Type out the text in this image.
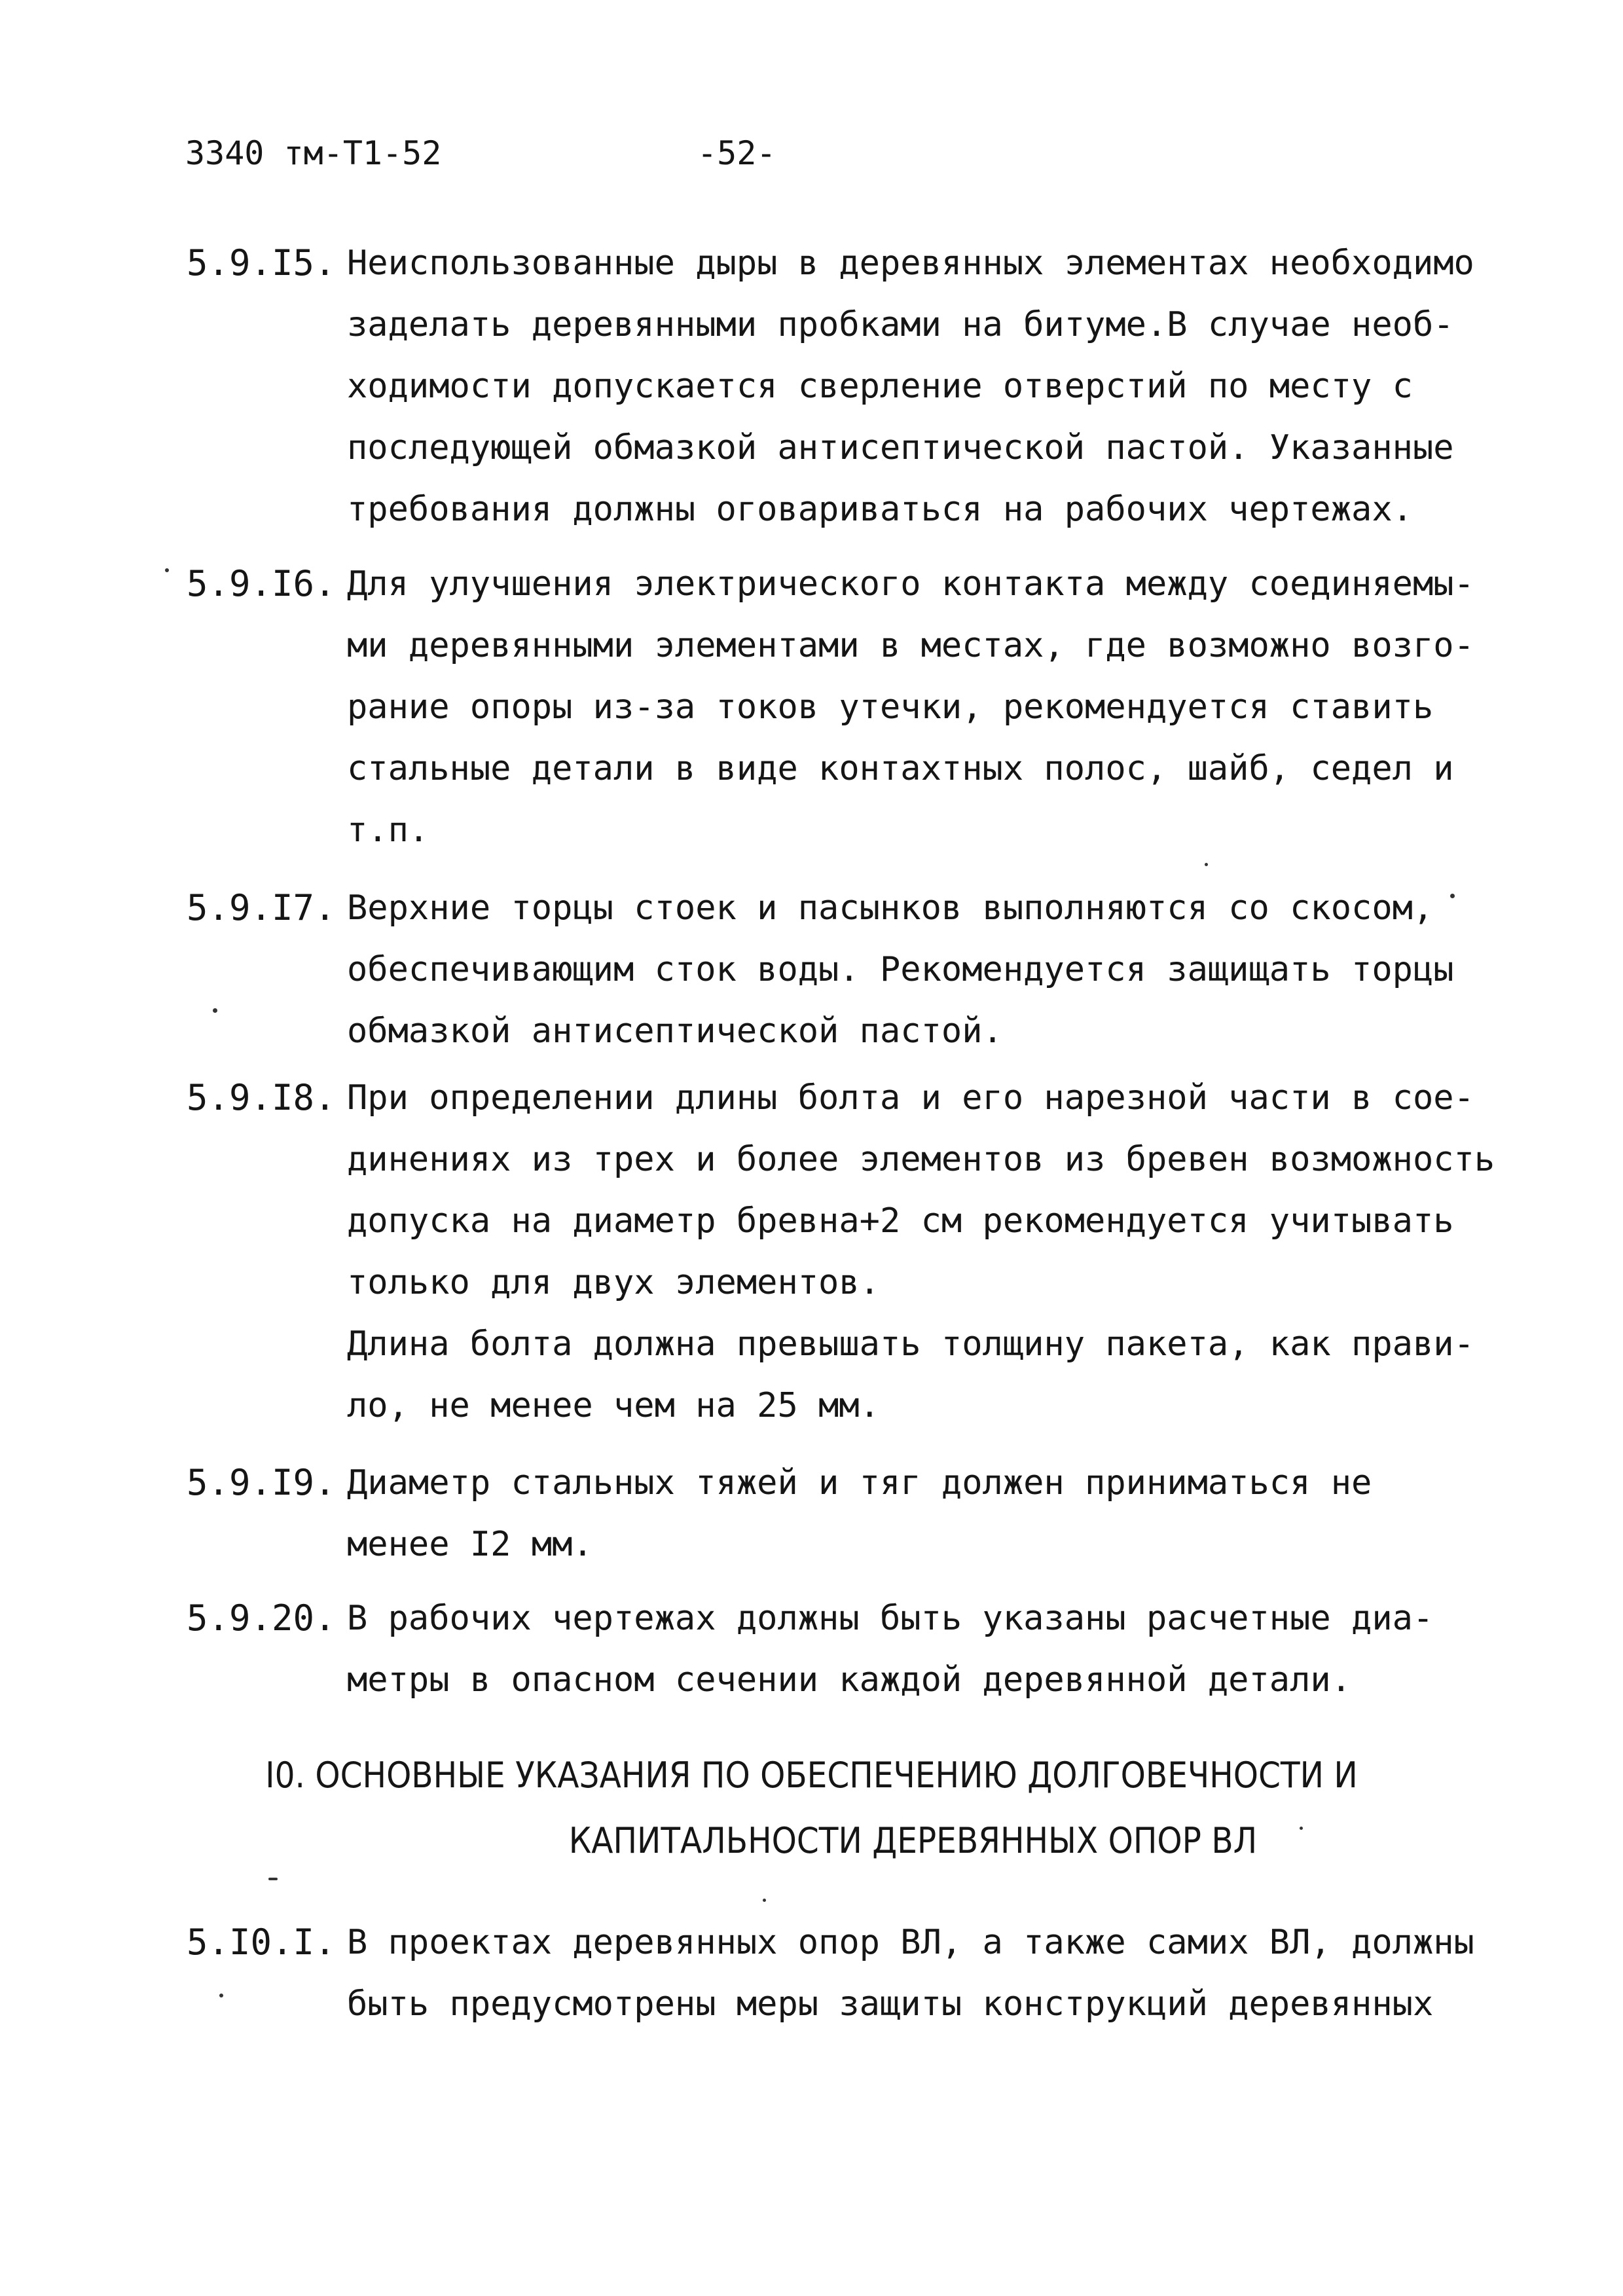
3340 тм-Т1-52	-52-
5.9.I5. Неиспользованные дыры в деревянных элементах необходимо
заделать деревянными пробками на битуме.В случае необ-
ходимости допускается сверление отверстий по месту с
последующей обмазкой антисептической пастой. Указанные
требования должны оговариваться на рабочих чертежах.
5.9.I6. Для улучшения электрического контакта между соединяемы-
ми деревянными элементами в местах, где возможно возго-
рание опоры из-за токов утечки, рекомендуется ставить
стальные детали в виде контахтных полос, шайб, седел и
т.п.
5.9.I7. Верхние торцы стоек и пасынков выполняются со скосом,
обеспечивающим сток воды. Рекомендуется защищать торцы
обмазкой антисептической пастой.
5.9.I8. При определении длины болта и его нарезной части в сое-
динениях из трех и более элементов из бревен возможность
допуска на диаметр бревна+2 см рекомендуется учитывать
только для двух элементов.
Длина болта должна превышать толщину пакета, как прави-
ло, не менее чем на 25 мм.
5.9.I9. Диаметр стальных тяжей и тяг должен приниматься не
менее I2 мм.
5.9.20. В рабочих чертежах должны быть указаны расчетные диа-
метры в опасном сечении каждой деревянной детали.
I0. ОСНОВНЫЕ УКАЗАНИЯ ПО ОБЕСПЕЧЕНИЮ ДОЛГОВЕЧНОСТИ И
КАПИТАЛЬНОСТИ ДЕРЕВЯННЫХ ОПОР ВЛ
5.I0.I. В проектах деревянных опор ВЛ, а также самих ВЛ, должны
быть предусмотрены меры защиты конструкций деревянных
